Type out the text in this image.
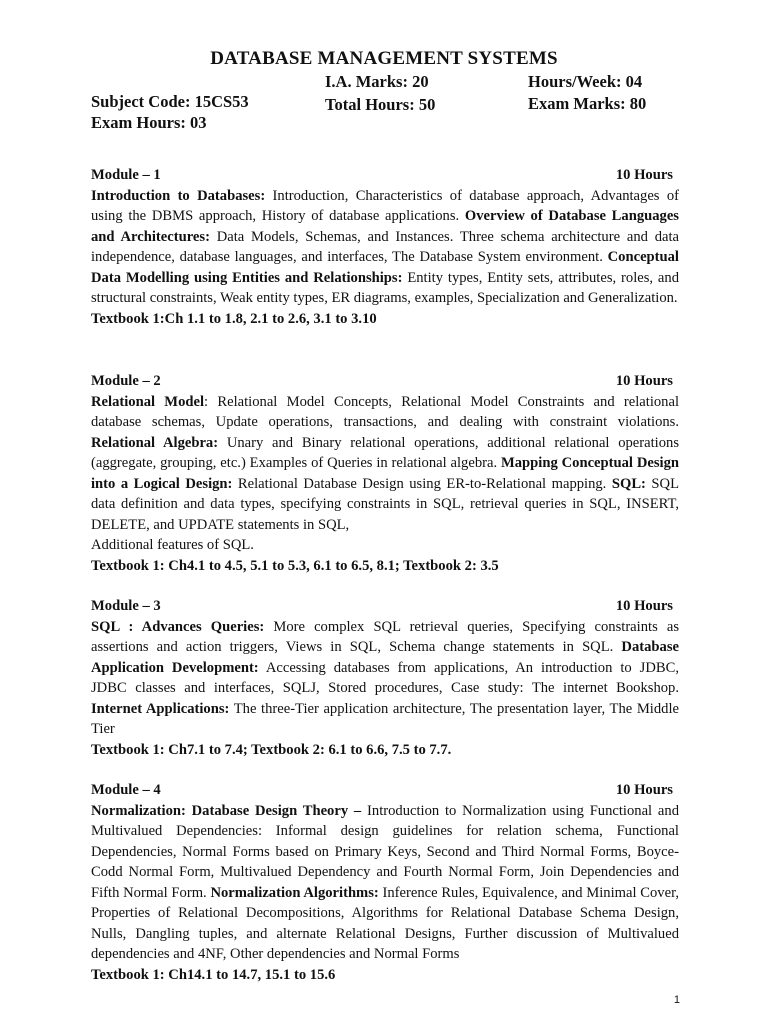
DATABASE MANAGEMENT SYSTEMS
I.A. Marks: 20	Hours/Week: 04
Subject Code: 15CS53	Total Hours: 50	Exam Marks: 80
Exam Hours: 03
Module – 1	10 Hours

Introduction to Databases: Introduction, Characteristics of database approach, Advantages of using the DBMS approach, History of database applications. Overview of Database Languages and Architectures: Data Models, Schemas, and Instances. Three schema architecture and data independence, database languages, and interfaces, The Database System environment. Conceptual Data Modelling using Entities and Relationships: Entity types, Entity sets, attributes, roles, and structural constraints, Weak entity types, ER diagrams, examples, Specialization and Generalization.

Textbook 1:Ch 1.1 to 1.8, 2.1 to 2.6, 3.1 to 3.10

Module – 2	10 Hours

Relational Model: Relational Model Concepts, Relational Model Constraints and relational database schemas, Update operations, transactions, and dealing with constraint violations. Relational Algebra: Unary and Binary relational operations, additional relational operations (aggregate, grouping, etc.) Examples of Queries in relational algebra. Mapping Conceptual Design into a Logical Design: Relational Database Design using ER-to-Relational mapping. SQL: SQL data definition and data types, specifying constraints in SQL, retrieval queries in SQL, INSERT, DELETE, and UPDATE statements in SQL,
Additional features of SQL.

Textbook 1: Ch4.1 to 4.5, 5.1 to 5.3, 6.1 to 6.5, 8.1; Textbook 2: 3.5

Module – 3	10 Hours

SQL : Advances Queries: More complex SQL retrieval queries, Specifying constraints as assertions and action triggers, Views in SQL, Schema change statements in SQL. Database Application Development: Accessing databases from applications, An introduction to JDBC, JDBC classes and interfaces, SQLJ, Stored procedures, Case study: The internet Bookshop. Internet Applications: The three-Tier application architecture, The presentation layer, The Middle Tier

Textbook 1: Ch7.1 to 7.4; Textbook 2: 6.1 to 6.6, 7.5 to 7.7.

Module – 4	10 Hours

Normalization: Database Design Theory – Introduction to Normalization using Functional and Multivalued Dependencies: Informal design guidelines for relation schema, Functional Dependencies, Normal Forms based on Primary Keys, Second and Third Normal Forms, Boyce-Codd Normal Form, Multivalued Dependency and Fourth Normal Form, Join Dependencies and Fifth Normal Form. Normalization Algorithms: Inference Rules, Equivalence, and Minimal Cover, Properties of Relational Decompositions, Algorithms for Relational Database Schema Design, Nulls, Dangling tuples, and alternate Relational Designs, Further discussion of Multivalued dependencies and 4NF, Other dependencies and Normal Forms

Textbook 1: Ch14.1 to 14.7, 15.1 to 15.6

1
